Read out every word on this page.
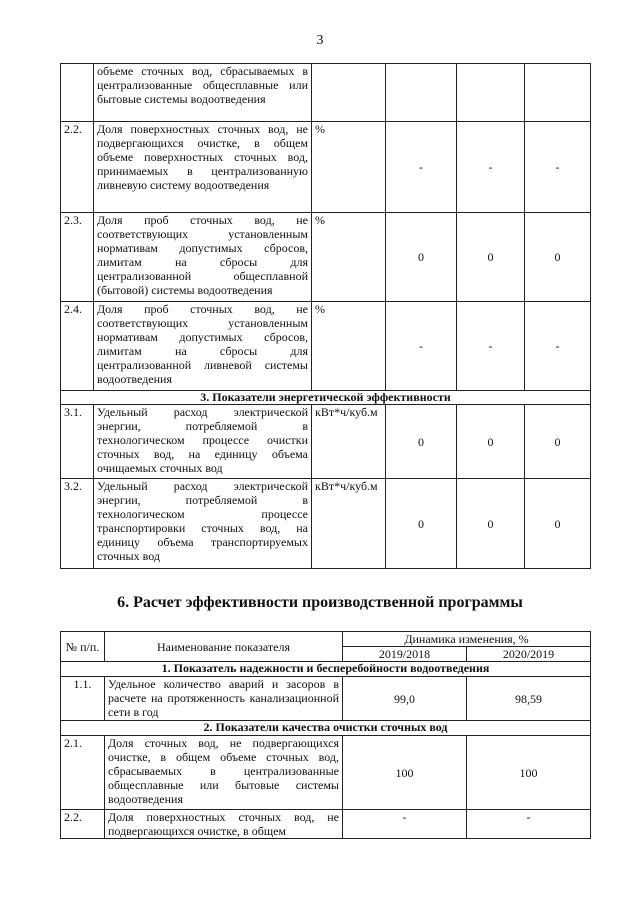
3
	объеме сточных вод, сбрасываемых в централизованные общесплавные или бытовые системы водоотведения				
2.2.	Доля поверхностных сточных вод, не подвергающихся очистке, в общем объеме поверхностных сточных вод, принимаемых в централизованную ливневую систему водоотведения	%	-	-	-
2.3.	Доля проб сточных вод, не соответствующих установленным нормативам допустимых сбросов, лимитам на сбросы для централизованной общесплавной (бытовой) системы водоотведения	%	0	0	0
2.4.	Доля проб сточных вод, не соответствующих установленным нормативам допустимых сбросов, лимитам на сбросы для централизованной ливневой системы водоотведения	%	-	-	-
3. Показатели энергетической эффективности					
3.1.	Удельный расход электрической энергии, потребляемой в технологическом процессе очистки сточных вод, на единицу объема очищаемых сточных вод	кВт*ч/куб.м	0	0	0
3.2.	Удельный расход электрической энергии, потребляемой в технологическом процессе транспортировки сточных вод, на единицу объема транспортируемых сточных вод	кВт*ч/куб.м	0	0	0
6. Расчет эффективности производственной программы
№ п/п.	Наименование показателя	Динамика изменения, %	
		2019/2018	2020/2019
1. Показатель надежности и бесперебойности водоотведения			
1.1.	Удельное количество аварий и засоров в расчете на протяженность канализационной сети в год	99,0	98,59
2. Показатели качества очистки сточных вод			
2.1.	Доля сточных вод, не подвергающихся очистке, в общем объеме сточных вод, сбрасываемых в централизованные общесплавные или бытовые системы водоотведения	100	100
2.2.	Доля поверхностных сточных вод, не подвергающихся очистке, в общем	-	-
